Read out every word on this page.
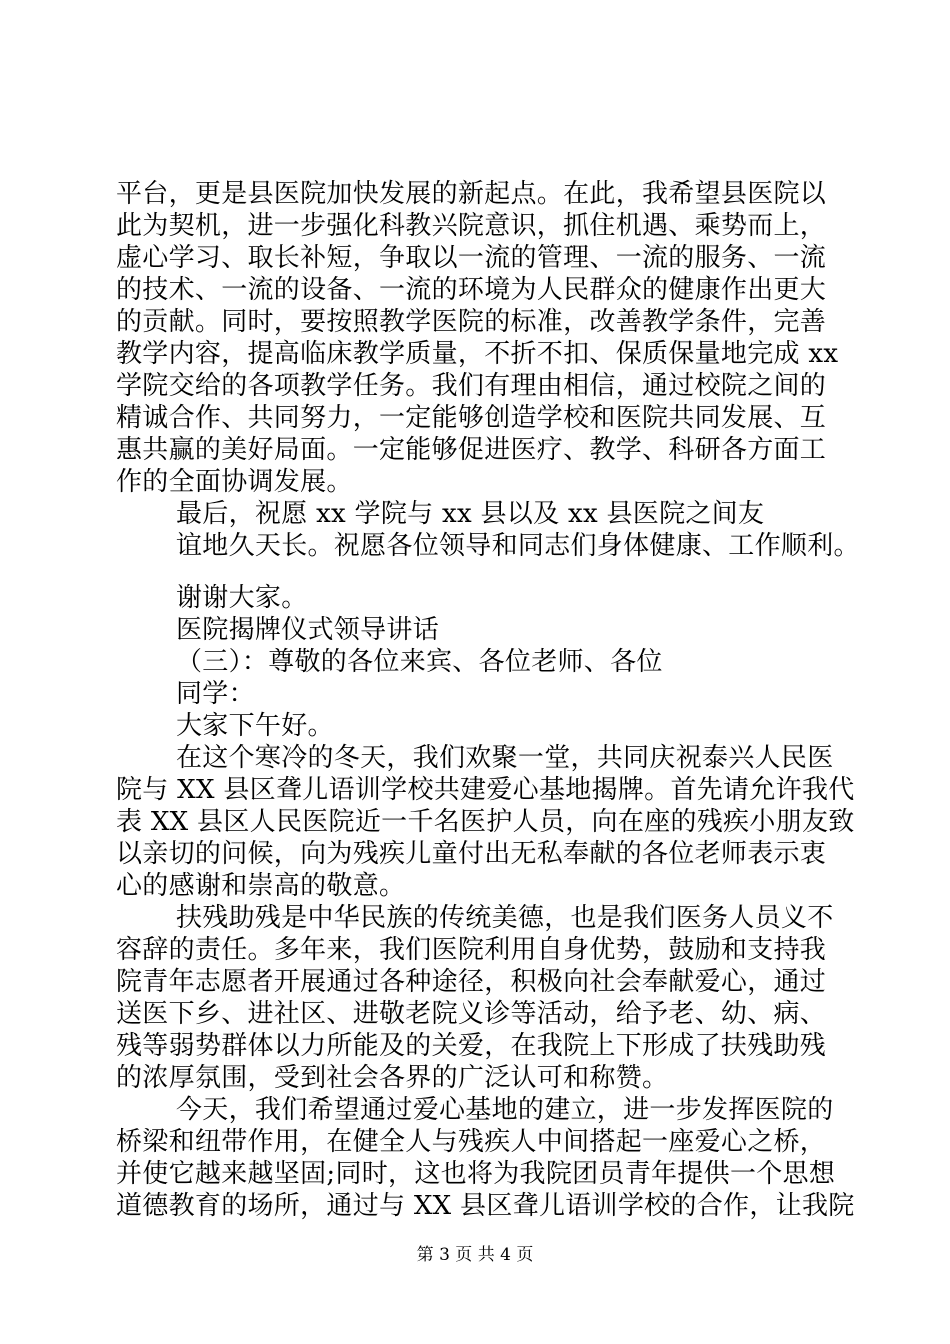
平台，更是县医院加快发展的新起点。在此，我希望县医院以
此为契机，进一步强化科教兴院意识，抓住机遇、乘势而上，
虚心学习、取长补短，争取以一流的管理、一流的服务、一流
的技术、一流的设备、一流的环境为人民群众的健康作出更大
的贡献。同时，要按照教学医院的标准，改善教学条件，完善
教学内容，提高临床教学质量，不折不扣、保质保量地完成 xx
学院交给的各项教学任务。我们有理由相信，通过校院之间的
精诚合作、共同努力，一定能够创造学校和医院共同发展、互
惠共赢的美好局面。一定能够促进医疗、教学、科研各方面工
作的全面协调发展。
最后，祝愿 xx 学院与 xx 县以及 xx 县医院之间友
谊地久天长。祝愿各位领导和同志们身体健康、工作顺利。
谢谢大家。
医院揭牌仪式领导讲话
（三）：尊敬的各位来宾、各位老师、各位
同学：
大家下午好。
在这个寒冷的冬天，我们欢聚一堂，共同庆祝泰兴人民医
院与 XX 县区聋儿语训学校共建爱心基地揭牌。首先请允许我代
表 XX 县区人民医院近一千名医护人员，向在座的残疾小朋友致
以亲切的问候，向为残疾儿童付出无私奉献的各位老师表示衷
心的感谢和崇高的敬意。
扶残助残是中华民族的传统美德，也是我们医务人员义不
容辞的责任。多年来，我们医院利用自身优势，鼓励和支持我
院青年志愿者开展通过各种途径，积极向社会奉献爱心，通过
送医下乡、进社区、进敬老院义诊等活动，给予老、幼、病、
残等弱势群体以力所能及的关爱，在我院上下形成了扶残助残
的浓厚氛围，受到社会各界的广泛认可和称赞。
今天，我们希望通过爱心基地的建立，进一步发挥医院的
桥梁和纽带作用，在健全人与残疾人中间搭起一座爱心之桥，
并使它越来越坚固;同时，这也将为我院团员青年提供一个思想
道德教育的场所，通过与 XX 县区聋儿语训学校的合作，让我院
第 3 页 共 4 页
